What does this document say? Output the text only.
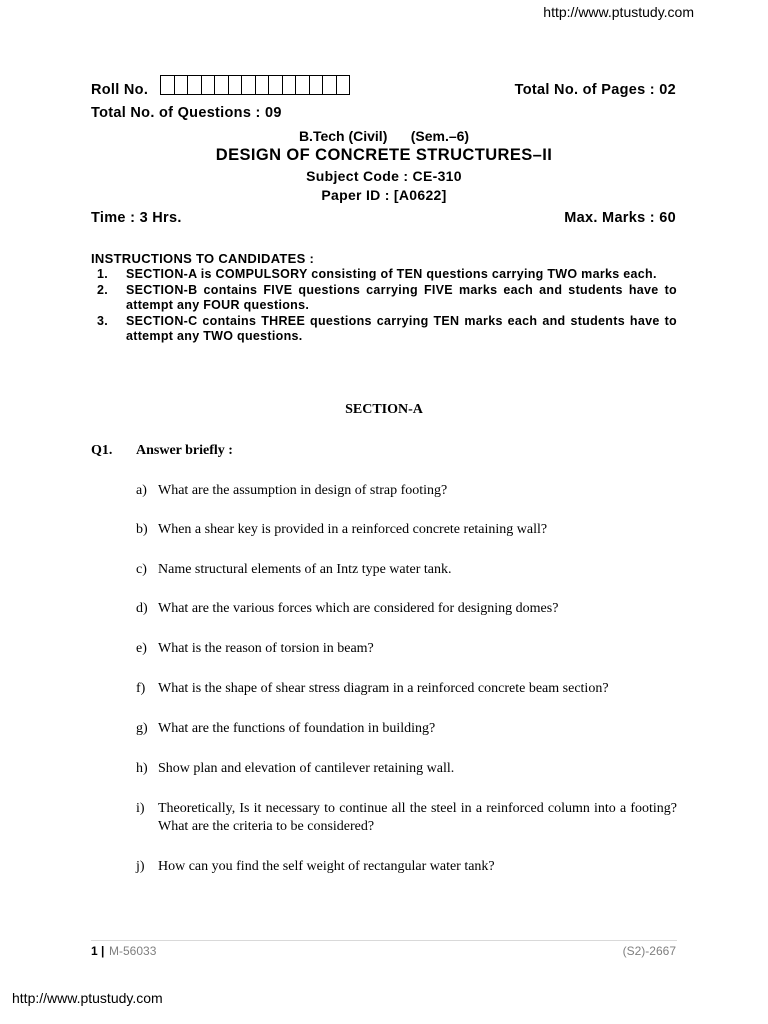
http://www.ptustudy.com
Roll No.	Total No. of Pages : 02
Total No. of Questions : 09
B.Tech (Civil) (Sem.–6)
DESIGN OF CONCRETE STRUCTURES–II
Subject Code : CE-310
Paper ID : [A0622]
Time : 3 Hrs.	Max. Marks : 60
INSTRUCTIONS TO CANDIDATES :
1.	SECTION-A is COMPULSORY consisting of TEN questions carrying TWO marks each.
2.	SECTION-B contains FIVE questions carrying FIVE marks each and students have to attempt any FOUR questions.
3.	SECTION-C contains THREE questions carrying TEN marks each and students have to attempt any TWO questions.
SECTION-A
Q1. Answer briefly :
a) What are the assumption in design of strap footing?
b) When a shear key is provided in a reinforced concrete retaining wall?
c) Name structural elements of an Intz type water tank.
d) What are the various forces which are considered for designing domes?
e) What is the reason of torsion in beam?
f) What is the shape of shear stress diagram in a reinforced concrete beam section?
g) What are the functions of foundation in building?
h) Show plan and elevation of cantilever retaining wall.
i) Theoretically, Is it necessary to continue all the steel in a reinforced column into a footing? What are the criteria to be considered?
j) How can you find the self weight of rectangular water tank?
1 | M-56033	(S2)-2667
http://www.ptustudy.com
